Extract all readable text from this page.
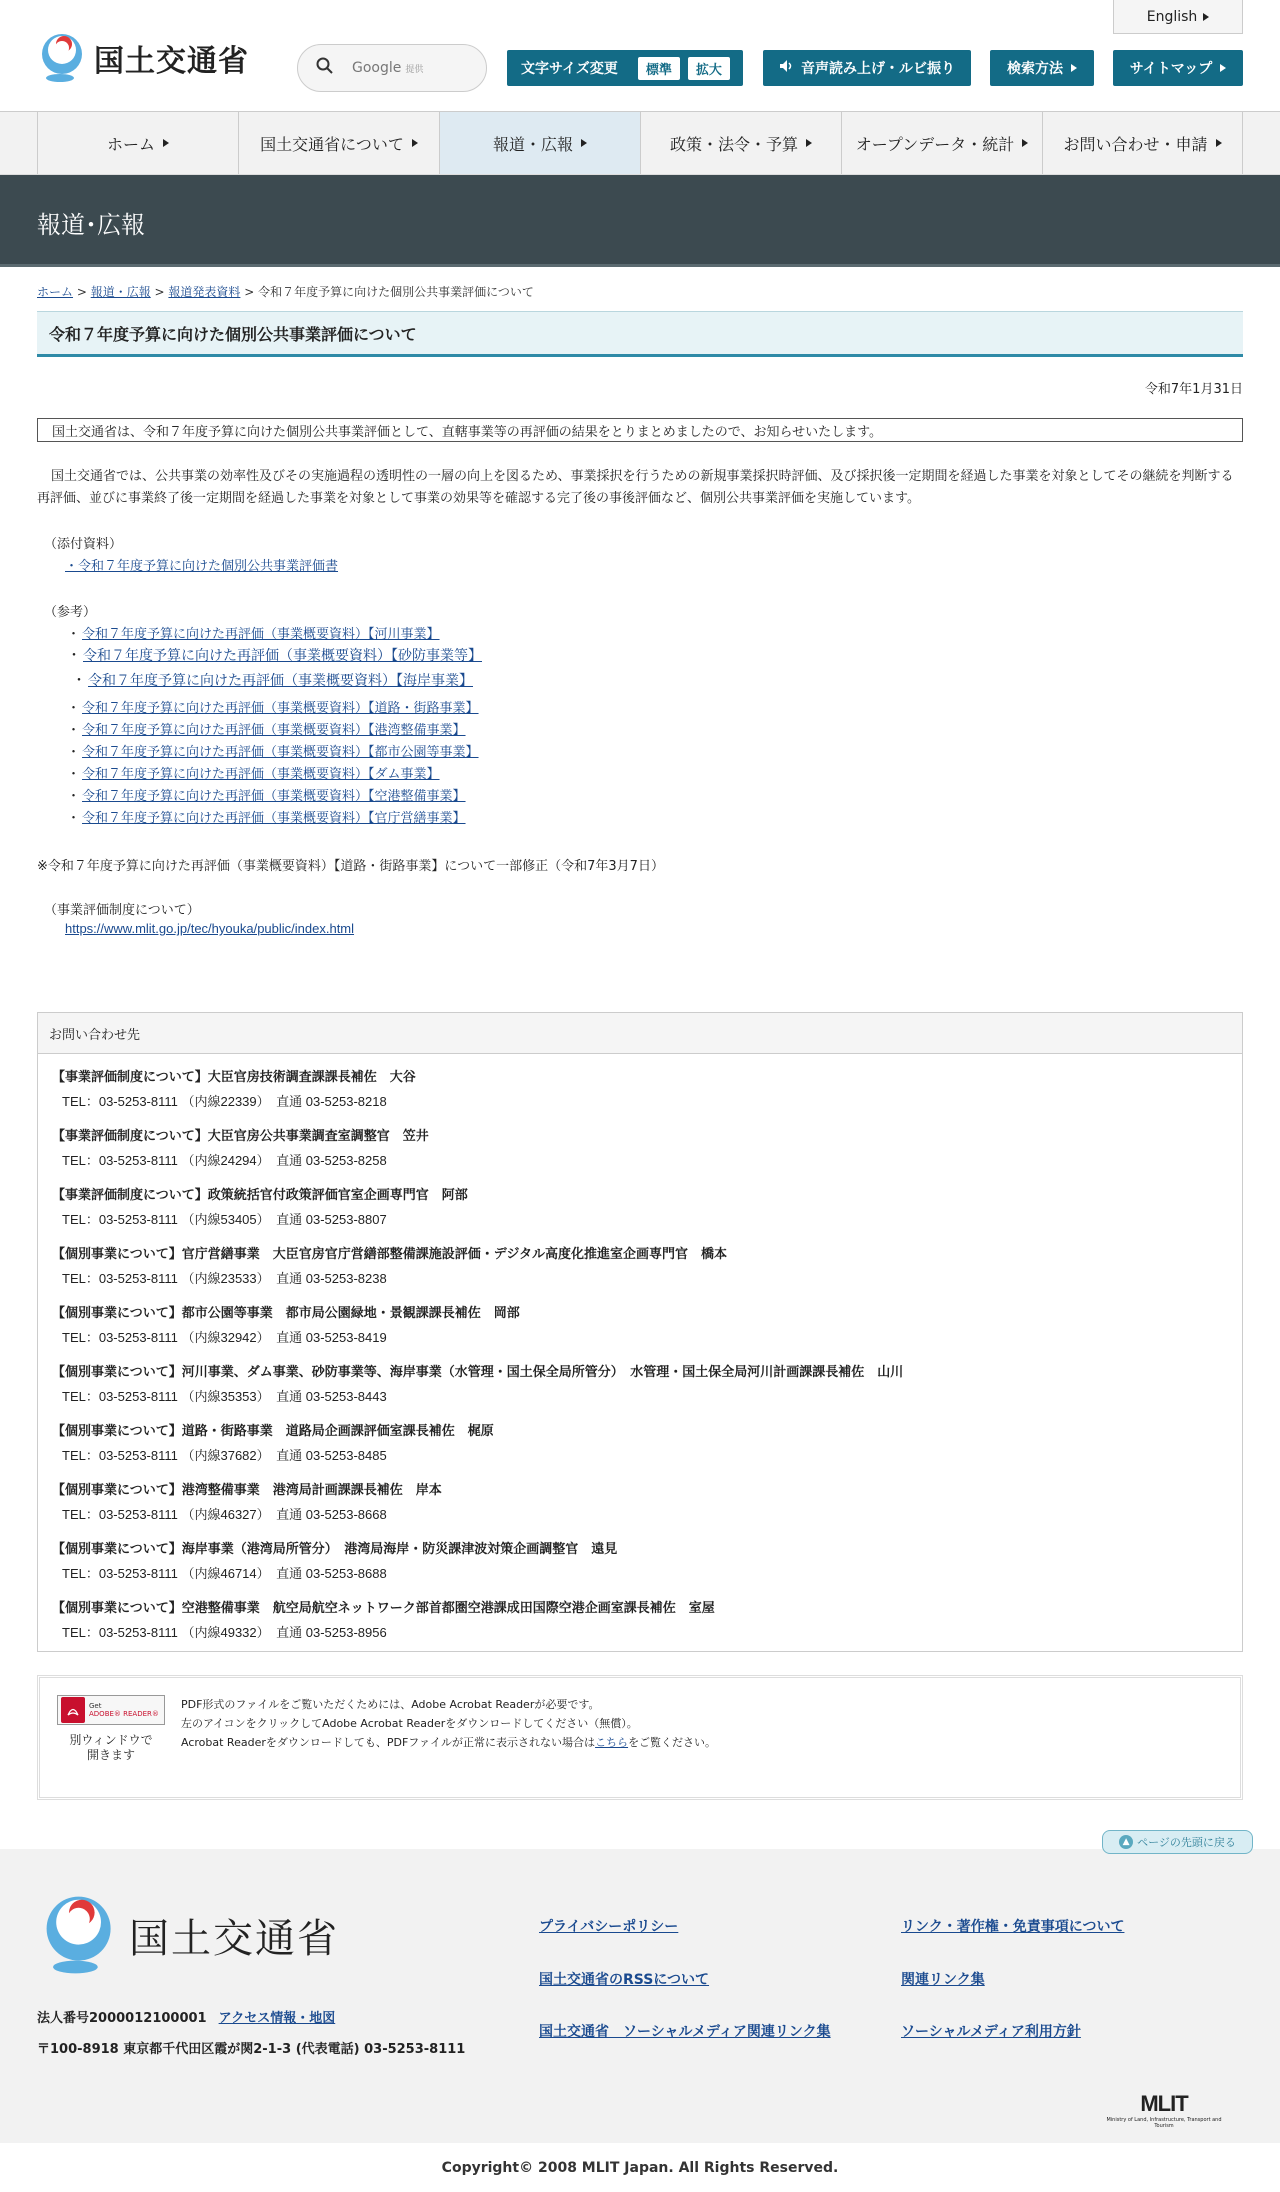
国土交通省	Google 提供
English
文字サイズ変更	標準	拡大	音声読み上げ・ルビ振り	検索方法	サイトマップ
ホーム	国土交通省について	報道・広報	政策・法令・予算	オープンデータ・統計	お問い合わせ・申請
報道･広報
ホーム > 報道・広報 > 報道発表資料 > 令和７年度予算に向けた個別公共事業評価について
令和７年度予算に向けた個別公共事業評価について
令和7年1月31日
国土交通省は、令和７年度予算に向けた個別公共事業評価として、直轄事業等の再評価の結果をとりまとめましたので、お知らせいたします。

国土交通省では、公共事業の効率性及びその実施過程の透明性の一層の向上を図るため、事業採択を行うための新規事業採択時評価、及び採択後一定期間を経過した事業を対象としてその継続を判断する再評価、並びに事業終了後一定期間を経過した事業を対象として事業の効果等を確認する完了後の事後評価など、個別公共事業評価を実施しています。

（添付資料）
・令和７年度予算に向けた個別公共事業評価書
（参考）
・ 令和７年度予算に向けた再評価（事業概要資料）【河川事業】
・ 令和７年度予算に向けた再評価（事業概要資料）【砂防事業等】
・ 令和７年度予算に向けた再評価（事業概要資料）【海岸事業】
・ 令和７年度予算に向けた再評価（事業概要資料）【道路・街路事業】
・ 令和７年度予算に向けた再評価（事業概要資料）【港湾整備事業】
・ 令和７年度予算に向けた再評価（事業概要資料）【都市公園等事業】
・ 令和７年度予算に向けた再評価（事業概要資料）【ダム事業】
・ 令和７年度予算に向けた再評価（事業概要資料）【空港整備事業】
・ 令和７年度予算に向けた再評価（事業概要資料）【官庁営繕事業】
※令和７年度予算に向けた再評価（事業概要資料）【道路・街路事業】について一部修正（令和7年3月7日）
（事業評価制度について）
https://www.mlit.go.jp/tec/hyouka/public/index.html
お問い合わせ先
【事業評価制度について】大臣官房技術調査課課長補佐　大谷
TEL：03-5253-8111 （内線22339）　直通 03-5253-8218
【事業評価制度について】大臣官房公共事業調査室調整官　笠井
TEL：03-5253-8111 （内線24294）　直通 03-5253-8258
【事業評価制度について】政策統括官付政策評価官室企画専門官　阿部
TEL：03-5253-8111 （内線53405）　直通 03-5253-8807
【個別事業について】官庁営繕事業　大臣官房官庁営繕部整備課施設評価・デジタル高度化推進室企画専門官　橋本
TEL：03-5253-8111 （内線23533）　直通 03-5253-8238
【個別事業について】都市公園等事業　都市局公園緑地・景観課課長補佐　岡部
TEL：03-5253-8111 （内線32942）　直通 03-5253-8419
【個別事業について】河川事業、ダム事業、砂防事業等、海岸事業（水管理・国土保全局所管分）　水管理・国土保全局河川計画課課長補佐　山川
TEL：03-5253-8111 （内線35353）　直通 03-5253-8443
【個別事業について】道路・街路事業　道路局企画課評価室課長補佐　梶原
TEL：03-5253-8111 （内線37682）　直通 03-5253-8485
【個別事業について】港湾整備事業　港湾局計画課課長補佐　岸本
TEL：03-5253-8111 （内線46327）　直通 03-5253-8668
【個別事業について】海岸事業（港湾局所管分）　港湾局海岸・防災課津波対策企画調整官　遠見
TEL：03-5253-8111 （内線46714）　直通 03-5253-8688
【個別事業について】空港整備事業　航空局航空ネットワーク部首都圏空港課成田国際空港企画室課長補佐　室屋
TEL：03-5253-8111 （内線49332）　直通 03-5253-8956
Get
ADOBE® READER®
別ウィンドウで
開きます
PDF形式のファイルをご覧いただくためには、Adobe Acrobat Readerが必要です。
左のアイコンをクリックしてAdobe Acrobat Readerをダウンロードしてください（無償）。
Acrobat Readerをダウンロードしても、PDFファイルが正常に表示されない場合はこちらをご覧ください。
国土交通省
法人番号2000012100001 アクセス情報・地図
〒100-8918 東京都千代田区霞が関2-1-3 (代表電話) 03-5253-8111
プライバシーポリシー	リンク・著作権・免責事項について
国土交通省のRSSについて	関連リンク集
国土交通省　ソーシャルメディア関連リンク集	ソーシャルメディア利用方針
MLIT
Ministry of Land, Infrastructure, Transport and Tourism
▲ ページの先頭に戻る
Copyright© 2008 MLIT Japan. All Rights Reserved.
